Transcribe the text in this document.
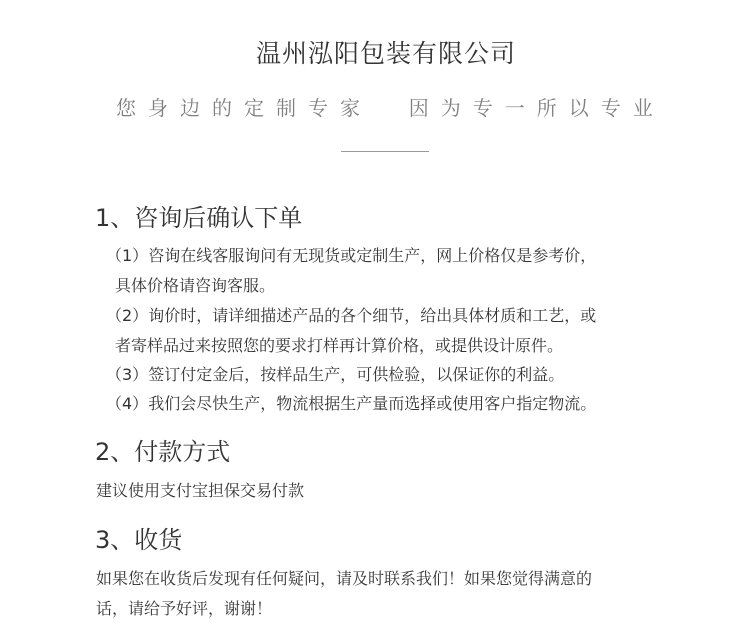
温州泓阳包装有限公司
您身边的定制专家  因为专一所以专业
1、咨询后确认下单
（1）咨询在线客服询问有无现货或定制生产，网上价格仅是参考价，
具体价格请咨询客服。
（2）询价时，请详细描述产品的各个细节，给出具体材质和工艺，或
者寄样品过来按照您的要求打样再计算价格，或提供设计原件。
（3）签订付定金后，按样品生产，可供检验，以保证你的利益。
（4）我们会尽快生产，物流根据生产量而选择或使用客户指定物流。
2、付款方式
建议使用支付宝担保交易付款
3、收货
如果您在收货后发现有任何疑问，请及时联系我们！如果您觉得满意的
话，请给予好评，谢谢！
